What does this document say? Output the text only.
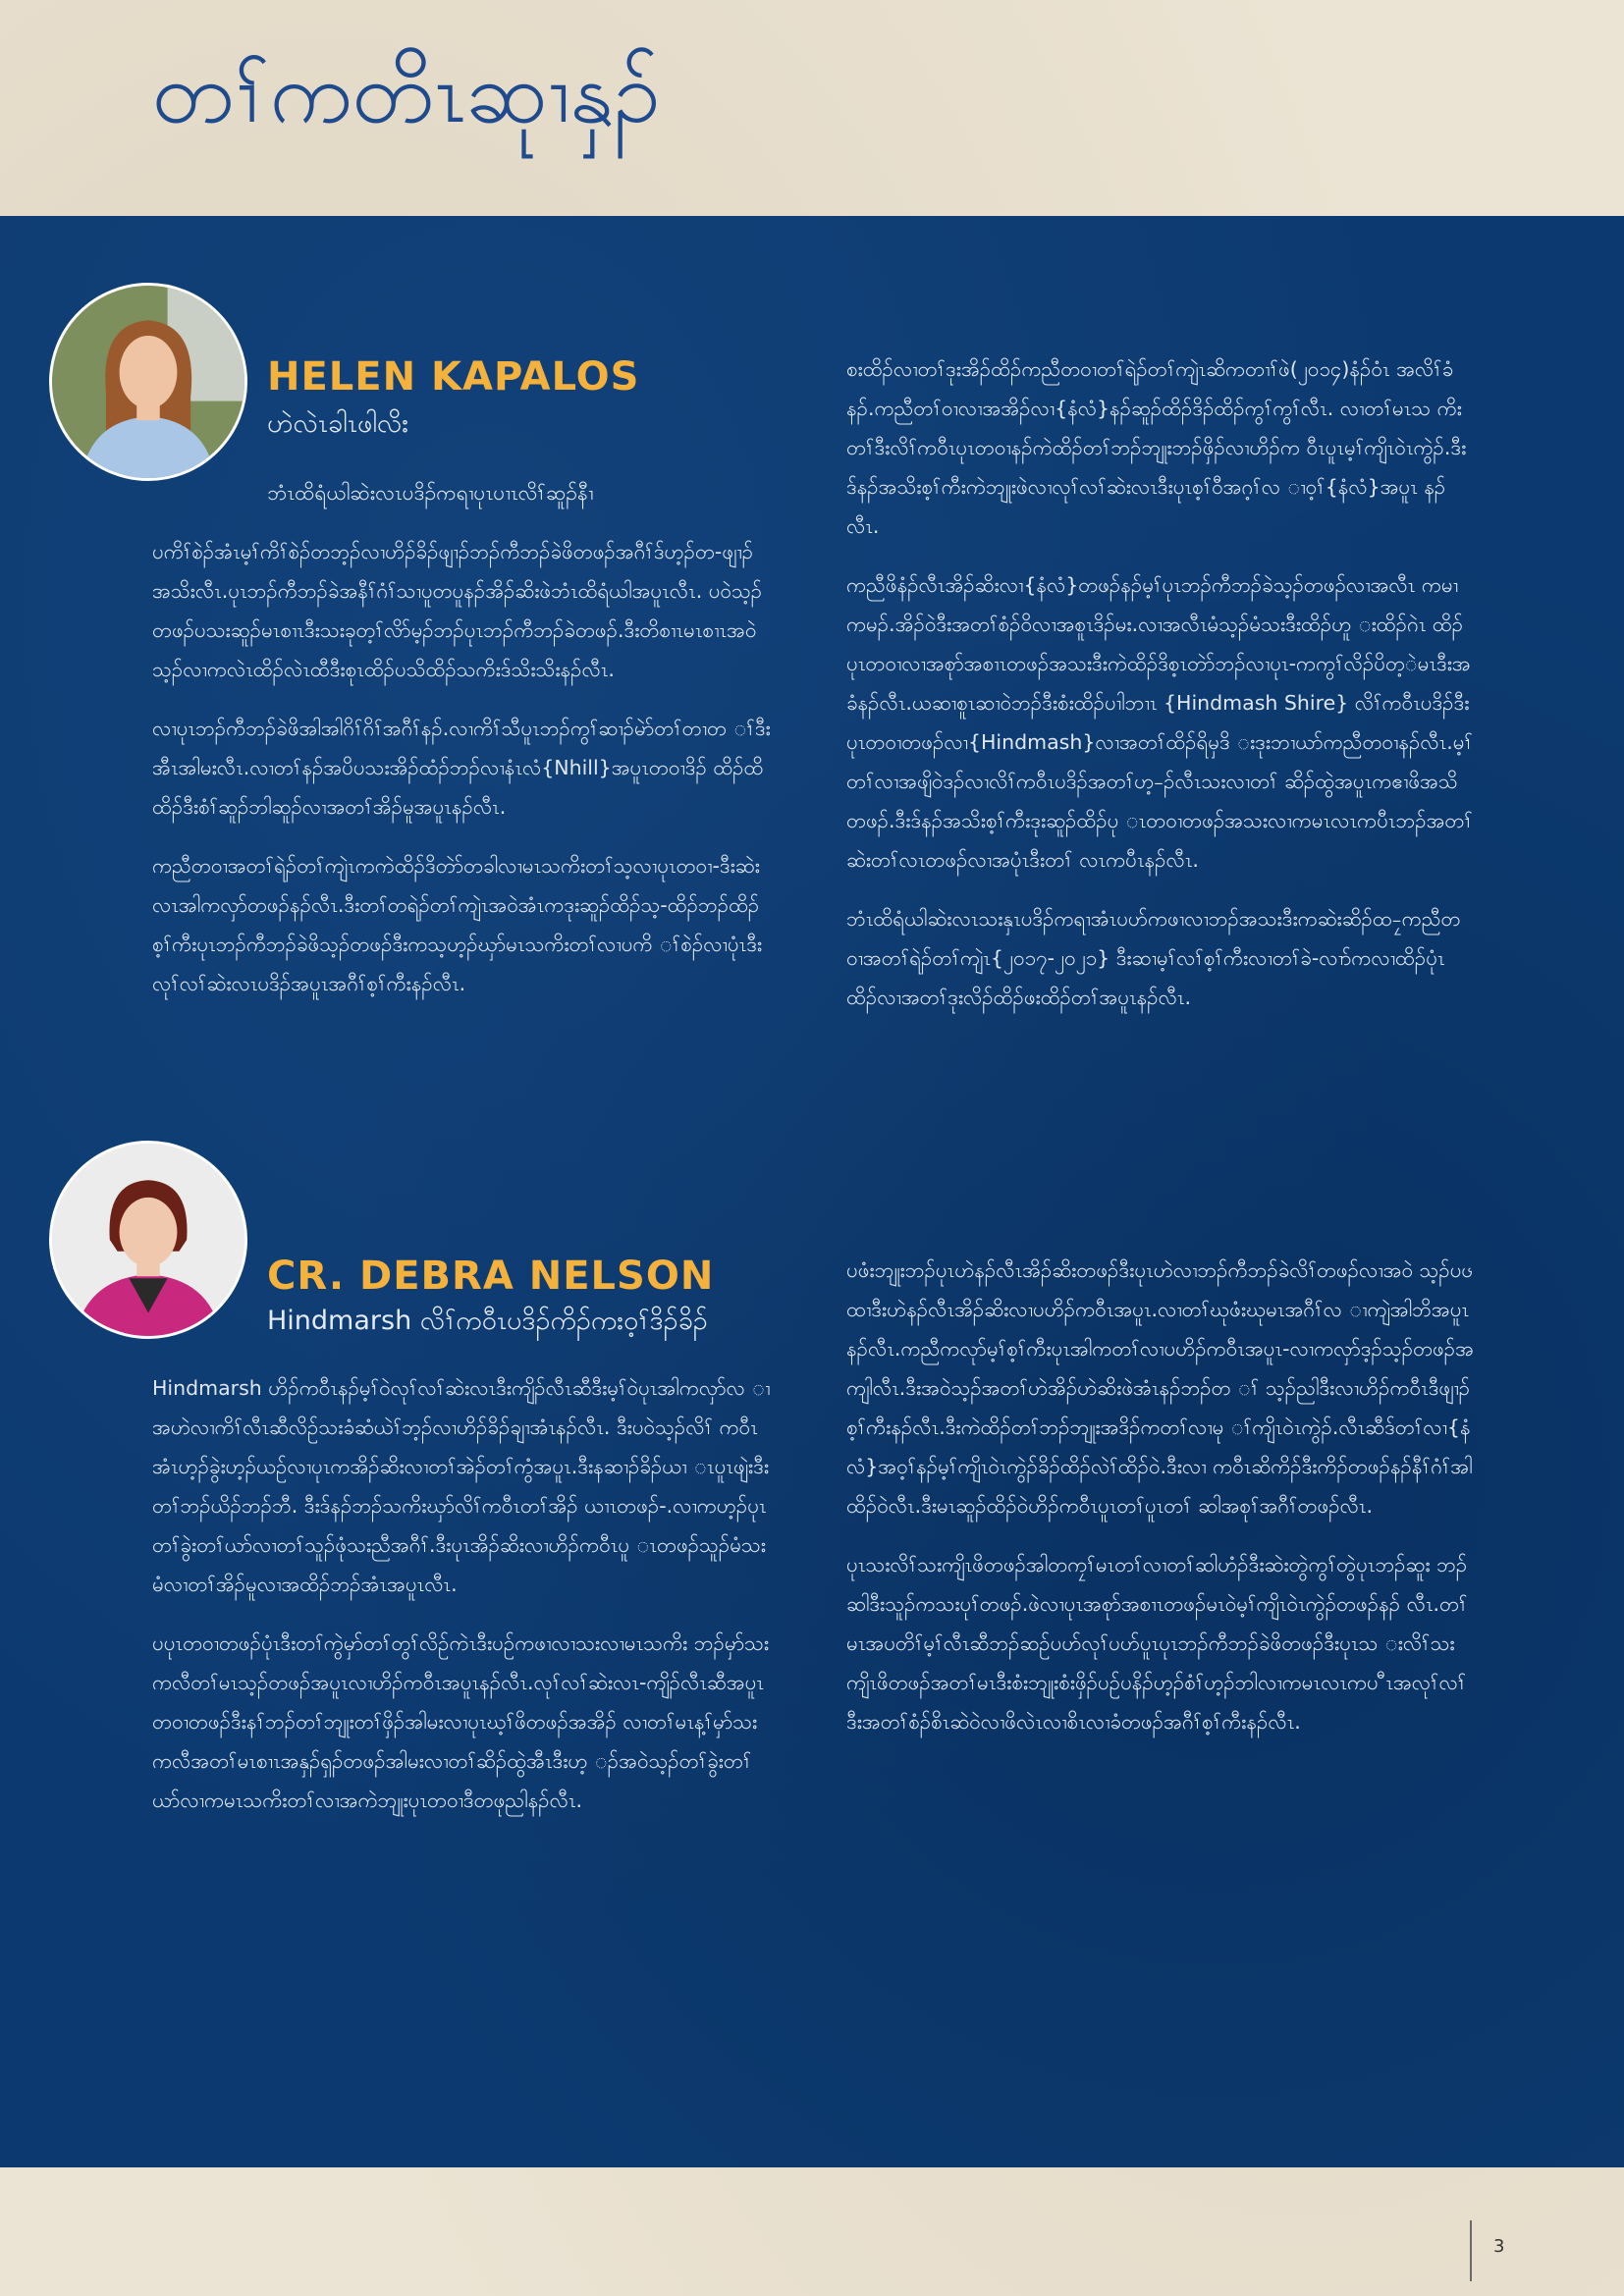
တၢ်ကတိၤဆုၢနှၣ်
HELEN KAPALOS
ဟဲလဲၤခါၤဖါလိး
ဘံၤထိရံယါဆဲးလၤပဒိၣ်ကရၢပုၤပၢၤလိၢ်ဆူၣ်နီၢ

ပကိၢ်စဲၣ်အံၤမ့ၢ်ကိၢ်စဲၣ်တဘ့ၣ်လၢဟိၣ်ခိၣ်ဖျၢၣ်ဘၣ်ကီဘၣ်ခဲဖိတဖၣ်အဂီၢ်ဒ်ဟ့ၣ်တ-ဖျၢၣ်အသိးလီၤ.ပုၤဘၣ်ကီဘၣ်ခဲအနီၢ်ဂံၢ်သၢပူတပူနၣ်အိၣ်ဆိးဖဲဘံၤထိရံယါအပူၤလီၤ. ပဝဲသ့ၣ်တဖၣ်ပသးဆူၣ်မၤစၢၤဒီးသးခုတ့ၢ်လိာ်မ့ၣ်ဘၣ်ပုၤဘၣ်ကီဘၣ်ခဲတဖၣ်.ဒီးတိစၢၤမၤစၢၤအဝဲသ့ၣ်လၢကလဲၤထိၣ်လဲၤထီဒီးစုၤထိၣ်ပသိထိၣ်သကိးဒ်သိးသိးနၣ်လီၤ.

လၢပုၤဘၣ်ကီဘၣ်ခဲဖိအါအါဂိၢ်ဂိၢ်အဂီၢ်နၣ်.လၢကိၢ်သီပူၤဘၣ်ကွၢ်ဆၢၣ်မဲာ်တၢ်တၢတ ၢ်ဒီးအီၤအါမးလီၤ.လၢတၢ်နၣ်အပိပသးအိၣ်ထံၣ်ဘၣ်လၢနံၤလံ{Nhill}အပူၤတဝၢဒိၣ် ထိၣ်ထိထိၣ်ဒီးစံၢ်ဆူၣ်ဘါဆူၣ်လၢအတၢ်အိၣ်မူအပူၤနၣ်လီၤ.

ကညီတဝၢအတၢ်ရဲၣ်တၢ်ကျဲၤကကဲထိၣ်ဒိတဲာ်တခါလၢမၤသကိးတၢ်သ့လၢပုၤတဝၢ-ဒီးဆဲးလၤအါကလှာ်တဖၣ်နၣ်လီၤ.ဒီးတၢ်တရဲၣ်တၢ်ကျဲၤအဝဲအံၤကဒုးဆူၣ်ထိၣ်သ့-ထိၣ်ဘၣ်ထိၣ်စ့ၢ်ကီးပုၤဘၣ်ကီဘၣ်ခဲဖိသ့ၣ်တဖၣ်ဒီးကသ့ဟ့ၣ်ဃှာ်မၤသကိးတၢ်လၢပကိ ၢ်စဲၣ်လၢပုံၤဒီးလုၢ်လၢ်ဆဲးလၤပဒိၣ်အပူၤအဂီၢ်စ့ၢ်ကီးနၣ်လီၤ.

စးထိၣ်လၢတၢ်ဒုးအိၣ်ထိၣ်ကညီတဝၢတၢ်ရဲၣ်တၢ်ကျဲၤဆိကတၢၢ်ဖဲ(၂၀၁၄)နံၣ်ဝံၤ အလိၢ်ခံနၣ်.ကညီတၢ်ဝၢလၢအအိၣ်လၢ{နံလံ}နၣ်ဆူၣ်ထိၣ်ဒိၣ်ထိၣ်ကွၢ်ကွၢ်လီၤ. လၢတၢ်မၤသ ကိးတၢ်ဒီးလိၢ်ကဝီၤပုၤတဝၢနၣ်ကဲထိၣ်တၢ်ဘၣ်ဘျုးဘၣ်ဖှိၣ်လၢဟိၣ်က ဝီၤပူၤမ့ၢ်ကျိၤဝဲၤကွဲၣ်.ဒီးဒ်နၣ်အသိးစ့ၢ်ကီးကဲဘျုးဖဲလၢလုၢ်လၢ်ဆဲးလၤဒီးပုၤစ့ၢ်ဝီအဂ့ၢ်လ ၢဝ့ၢ်{နံလံ}အပူၤ နၣ်လီၤ.

ကညီဖိနံၣ်လီၤအိၣ်ဆိးလၢ{နံလံ}တဖၣ်နၣ်မ့ၢ်ပုၤဘၣ်ကီဘၣ်ခဲသ့ၣ်တဖၣ်လၢအလီၤ ကမၢကမၣ်.အိၣ်ဝဲဒီးအတၢ်စံၣ်ဝိလၢအစူၤဒိၣ်မး.လၢအလီၤမံသ့ၣ်မံသးဒီးထိၣ်ဟူ းထိၣ်ဂဲၤ ထိၣ်ပုၤတဝၢလၢအစုာ်အစၢၤတဖၣ်အသးဒီးကဲထိၣ်ဒိစ့ၤတဲာ်ဘၣ်လၢပုၤ-ကကွၢ်လိၣ်ပိတ့ဲမၤဒီးအခံနၣ်လီၤ.ယဆၢစူၤဆၢဝဲဘၣ်ဒီးစံးထိၣ်ပၢါဘၢၤ {Hindmash Shire} လိၢ်ကဝီၤပဒိၣ်ဒီးပုၤတဝၢတဖၣ်လၢ{Hindmash}လၢအတၢ်ထိၣ်ရိမှဒိ းဒုးဘၢယာ်ကညီတဝၢနၣ်လီၤ.မ့ၢ်တၢ်လၢအဖျိဝဲဒၣ်လၢလိၢ်ကဝီၤပဒိၣ်အတၢ်ဟ့-ၣ်လီၤသးလၢတၢ် ဆိၣ်ထွဲအပူၤကဧၢဖိအသိတဖၣ်.ဒီးဒ်နၣ်အသိးစ့ၢ်ကီးဒုးဆူၣ်ထိၣ်ပု ၤတဝၢတဖၣ်အသးလၢကမၤလၤကပီၤဘၣ်အတၢ်ဆဲးတၢ်လၤတဖၣ်လၢအပုံၤဒီးတၢ် လၤကပီၤနၣ်လီၤ.

ဘံၤထိရံယါဆဲးလၤသးနှၤပဒိၣ်ကရၢအံၤပဟ်ကဖၢလၢဘၣ်အသးဒီးကဆဲးဆိၣ်ထ-ၠကညီတဝၢအတၢ်ရဲၣ်တၢ်ကျဲၤ{၂၀၁၇-၂၀၂၁} ဒီးဆၢမ့ၢ်လၢ်စ့ၢ်ကီးလၢတၢ်ခဲ-လၢာ်ကလၢထိၣ်ပုံၤ ထိၣ်လၢအတၢ်ဒုးလိၣ်ထိၣ်ဖးထိၣ်တၢ်အပူၤနၣ်လီၤ.

CR. DEBRA NELSON
Hindmarsh လိၢ်ကဝီၤပဒိၣ်ကိၣ်ကးဝ့ၢ်ဒိၣ်ခိၣ်

Hindmarsh ဟိၣ်ကဝီၤနၣ်မ့ၢ်ဝဲလုၢ်လၢ်ဆဲးလၤဒီးကျိၣ်လီၤဆီဒီးမ့ၢ်ဝဲပုၤအါကလှာ်လ ၢအဟဲလၢကိၢ်လီၤဆီလိဉ်သးခံဆံယဲၢ်ဘ့ၣ်လၢဟိၣ်ခိၣ်ချၢအံၤနၣ်လီၤ. ဒီးပဝဲသ့ၣ်လိၢ် ကဝီၤအံၤဟ့ၣ်ခွဲးဟ့ၣ်ယဉ်လၢပုၤကအိၣ်ဆိးလၢတၢ်အဲၣ်တၢ်ကွံအပူၤ.ဒီးနဆၢၣ်ခိၣ်ယၢ ၤပူၤဖျဲးဒီးတၢ်ဘၣ်ယိၣ်ဘၣ်ဘီ. ဒီးဒ်နၣ်ဘၣ်သကိးဃှာ်လိၢ်ကဝီၤတၢ်အိၣ် ယၢၤတဖၣ်-.လၢကဟ့ၣ်ပုၤတၢ်ခွဲးတၢ်ယာ်လၢတၢ်သူၣ်ဖုံသးညီအဂီၢ်.ဒီးပုၤအိၣ်ဆိးလၢဟိၣ်ကဝီၤပူ ၤတဖၣ်သူၣ်မံသးမံလၢတၢ်အိၣ်မူလၢအထိၣ်ဘၣ်အံၤအပူၤလီၤ.

ပပုၤတဝၢတဖၣ်ပုံၤဒီးတၢ်ကွဲမှာ်တၢ်တွၢ်လိဉ်ကဲၤဒီးပဉ်ကဖၢလၢသးလၢမၤသကိး ဘၣ်မှာ်သးကလီတၢ်မၤသ့ၣ်တဖၣ်အပူၤလၢဟိၣ်ကဝီၤအပူၤနၣ်လီၤ.လုၢ်လၢ်ဆဲးလၤ-ကျိၣ်လီၤဆီအပူၤတဝၢတဖၣ်ဒီးနၢ်ဘၣ်တၢ်ဘျုးတၢ်ဖှိၣ်အါမးလၢပုၤဃ့ၢ်ဖိတဖၣ်အအိၣ် လၢတၢ်မၤန့ၢ်မှာ်သးကလီအတၢ်မၤစၢၤအနှၣ်ရှၣ်တဖၣ်အါမးလၢတၢ်ဆိၣ်ထွဲအီၤဒီးဟ့ ၣ်အဝဲသ့ၣ်တၢ်ခွဲးတၢ်ယာ်လၢကမၤသကိးတၢ်လၢအကဲဘျုးပုၤတဝၢဒီတဖုညါနၣ်လီၤ.

ပဖံးဘျုးဘၣ်ပုၤဟဲနၣ်လီၤအိၣ်ဆိးတဖၣ်ဒီးပုၤဟဲလၢဘၣ်ကီဘၣ်ခဲလိၢ်တဖၣ်လၢအဝဲ သ့ၣ်ပၒထၢဒီးဟဲနၣ်လီၤအိၣ်ဆိးလၢပဟိၣ်ကဝီၤအပူၤ.လၢတၢ်ဃုဖံးဃုမၤအဂီၢ်လ ၢကျဲအါဘိအပူၤနၣ်လီၤ.ကညီကလုာ်မ့ၢ်စ့ၢ်ကီးပုၤအါကတၢ်လၢပဟိၣ်ကဝီၤအပူၤ-လၢကလှာ်ဒ့ၣ်သ့ၣ်တဖၣ်အကျါလီၤ.ဒီးအဝဲသ့ၣ်အတၢ်ဟဲအိၣ်ဟဲဆိးဖဲအံၤနၣ်ဘၣ်တ ၢ် သ့ၣ်ညါဒီးလၢဟိၣ်ကဝီၤဒီဖျၢၣ်စ့ၢ်ကီးနၣ်လီၤ.ဒီးကဲထိၣ်တၢ်ဘၣ်ဘျုးအဒိၣ်ကတၢ်လၢမု ၢ်ကျိၤဝဲၤကွဲၣ်.လီၤဆီဒ်တၢ်လၢ{နံလံ}အဝ့ၢ်နၣ်မ့ၢ်ကျိၤဝဲၤကွဲၣ်ခိၣ်ထိၣ်လဲၢ်ထိၣ်ဝဲ.ဒီးလၢ ကဝီၤဆိကိၣ်ဒီးကိၣ်တဖၣ်နၣ်နီၢ်ဂံၢ်အါထိၣ်ဝဲလီၤ.ဒီးမၤဆူၣ်ထိၣ်ဝဲဟိၣ်ကဝီၤပူၤတၢ်ပူၤတၢ် ဆါအစုၢ်အဂီၢ်တဖၣ်လီၤ.

ပုၤသးလိၢ်သးကျိၤဖိတဖၣ်အါတကၠၢ်မၤတၢ်လၢတၢ်ဆါဟံၣ်ဒီးဆဲးတွဲကွၢ်တွဲပုၤဘၣ်ဆူး ဘၣ်ဆါဒီးသူၣ်ကသးပုၢ်တဖၣ်.ဖဲလၢပုၤအစုာ်အစၢၤတဖၣ်မၤဝဲမ့ၢ်ကျိၤဝဲၤကွဲၣ်တဖၣ်နၣ် လီၤ.တၢ်မၤအပတိၢ်မ့ၢ်လီၤဆီဘၣ်ဆဉ်ပဟ်လုၢ်ပဟ်ပူၤပုၤဘၣ်ကီဘၣ်ခဲဖိတဖၣ်ဒီးပုၤသ းလိၢ်သးကျိၤဖိတဖၣ်အတၢ်မၤဒီးစံးဘျုးစံးဖှိၣ်ပဉ်ပနိၣ်ဟ့ၣ်စံၢ်ဟ့ၣ်ဘါလၢကမၤလၤကပ ီၤအလုၢ်လၢ်ဒီးအတၢ်စံၣ်စိၤဆဲဝဲလၢဖိလဲၤလၢစိၤလၢခံတဖၣ်အဂီၢ်စ့ၢ်ကီးနၣ်လီၤ.

3
